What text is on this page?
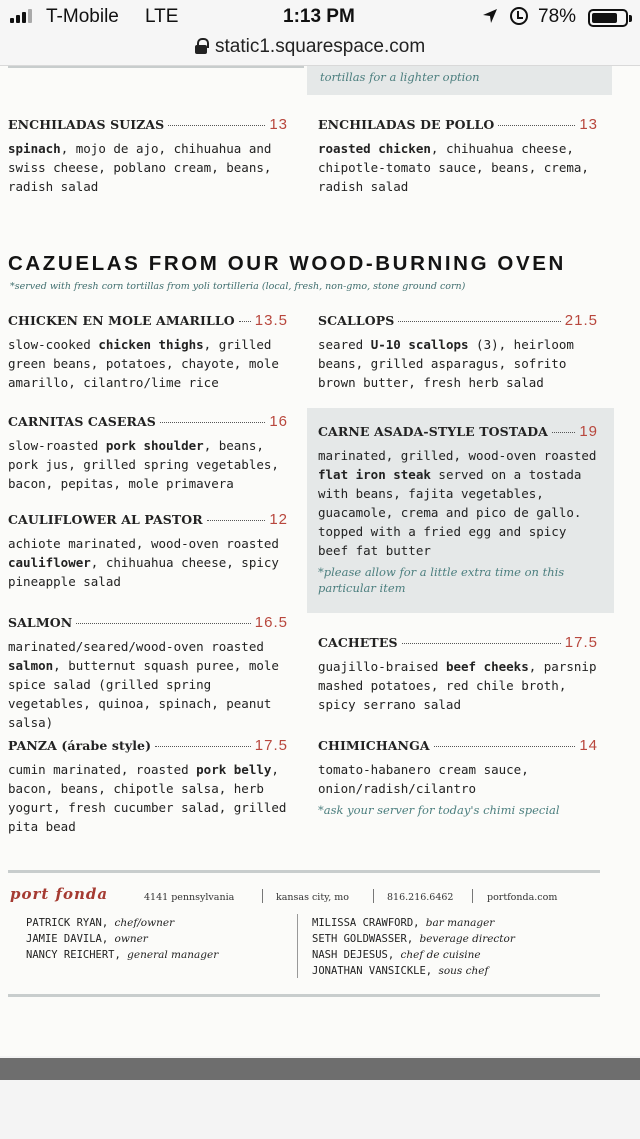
T-Mobile LTE	1:13 PM	78%
static1.squarespace.com
tortillas for a lighter option
ENCHILADAS SUIZAS	13
spinach, mojo de ajo, chihuahua and swiss cheese, poblano cream, beans, radish salad
ENCHILADAS DE POLLO	13
roasted chicken, chihuahua cheese, chipotle-tomato sauce, beans, crema, radish salad
CAZUELAS FROM OUR WOOD-BURNING OVEN
*served with fresh corn tortillas from yoli tortilleria (local, fresh, non-gmo, stone ground corn)
CHICKEN EN MOLE AMARILLO 13.5
slow-cooked chicken thighs, grilled green beans, potatoes, chayote, mole amarillo, cilantro/lime rice
CARNITAS CASERAS	16
slow-roasted pork shoulder, beans, pork jus, grilled spring vegetables, bacon, pepitas, mole primavera
CAULIFLOWER AL PASTOR	12
achiote marinated, wood-oven roasted cauliflower, chihuahua cheese, spicy pineapple salad
SALMON	16.5
marinated/seared/wood-oven roasted salmon, butternut squash puree, mole spice salad (grilled spring vegetables, quinoa, spinach, peanut salsa)
PANZA (árabe style)	17.5
cumin marinated, roasted pork belly, bacon, beans, chipotle salsa, herb yogurt, fresh cucumber salad, grilled pita bead
SCALLOPS	21.5
seared U-10 scallops (3), heirloom beans, grilled asparagus, sofrito brown butter, fresh herb salad
CARNE ASADA-STYLE TOSTADA 19
marinated, grilled, wood-oven roasted flat iron steak served on a tostada with beans, fajita vegetables, guacamole, crema and pico de gallo. topped with a fried egg and spicy beef fat butter
*please allow for a little extra time on this particular item
CACHETES	17.5
guajillo-braised beef cheeks, parsnip mashed potatoes, red chile broth, spicy serrano salad
CHIMICHANGA	14
tomato-habanero cream sauce, onion/radish/cilantro
*ask your server for today's chimi special
port fonda	4141 pennsylvania	kansas city, mo	816.216.6462	portfonda.com
PATRICK RYAN, chef/owner
JAMIE DAVILA, owner
NANCY REICHERT, general manager
MILISSA CRAWFORD, bar manager
SETH GOLDWASSER, beverage director
NASH DEJESUS, chef de cuisine
JONATHAN VANSICKLE, sous chef
